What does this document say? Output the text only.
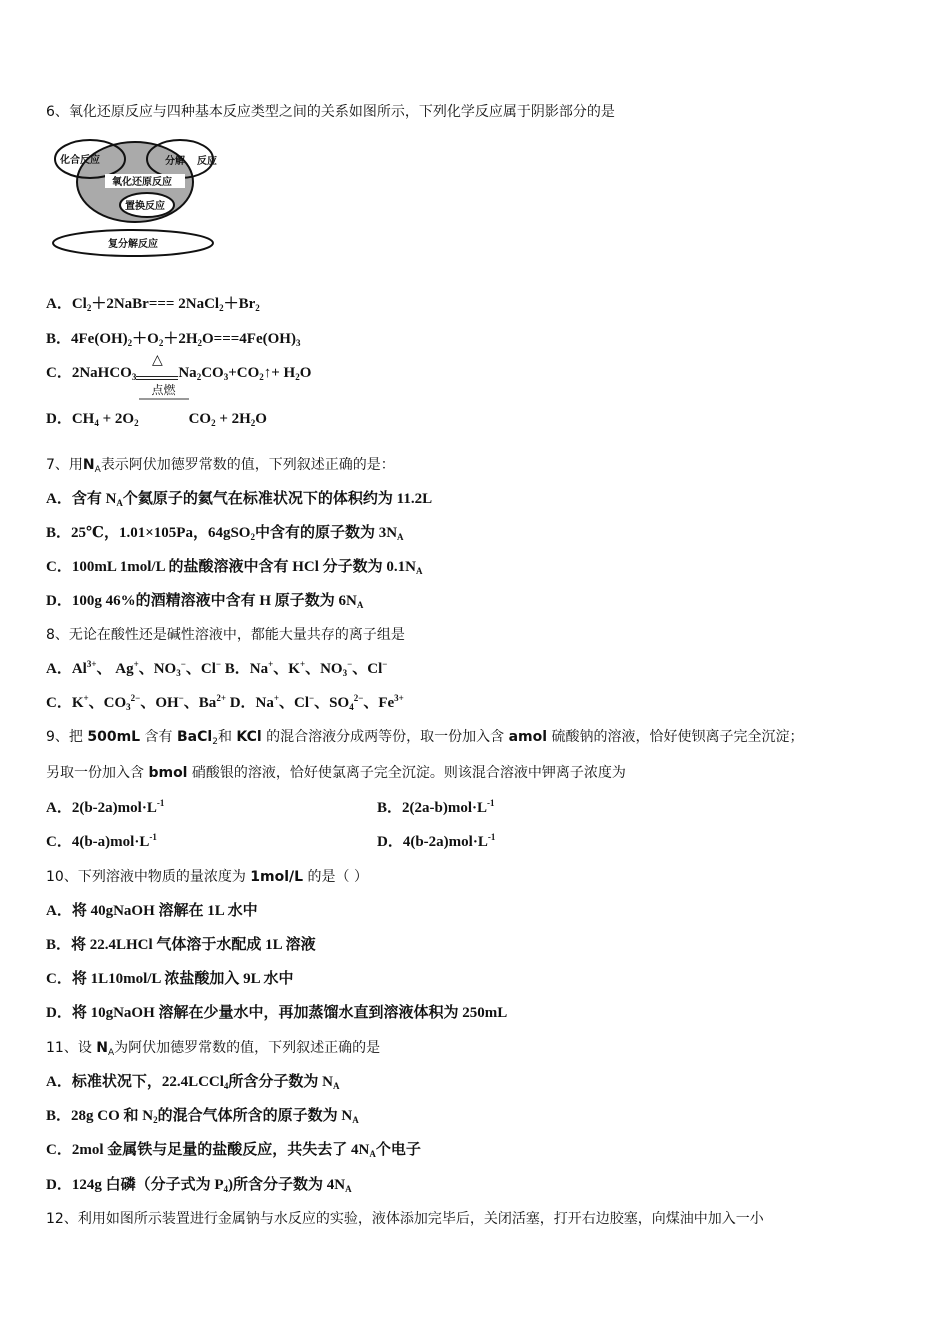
化合反应	分解 反应
氧化还原反应
置换反应
复分解反应
6、氧化还原反应与四种基本反应类型之间的关系如图所示，下列化学反应属于阴影部分的是
A．$Cl_2+2NaBr===$ $2NaCl_2+Br_2$
B．$4Fe(OH)_2+O_2+2H_2O===4Fe(OH)_3$
C．2NaHCO$_3$
△
$Na_2CO_3+CO_2↑+ H_2O$
D．$CH_4 + 2O_2$
点燃
$CO_2 + 2H_2O$
7、用$N_A$表示阿伏加德罗常数的值，下列叙述正确的是：
A．含有 $N_A$个氦原子的氦气在标准状况下的体积约为 11.2L
B．25℃，1.01×105Pa，64gSO$_2$中含有的原子数为 $3N_A$
C．100mL 1mol/L 的盐酸溶液中含有 HCl 分子数为 $0.1N_A$
D．100g 46%的酒精溶液中含有 H 原子数为 $6N_A$
8、无论在酸性还是碱性溶液中，都能大量共存的离子组是
A．$Al^{3+}$、 Ag+、$NO_3^-$、Cl− B．Na+、K+、$NO_3^-$、Cl−
C．K+、$CO_3^{2-}$、OH−、$Ba^{2+}$ D．Na+、Cl−、$SO_4^{2-}$、$Fe^{3+}$
9、把 500mL 含有 BaCl$_2$和 KCl 的混合溶液分成两等份，取一份加入含 amol 硫酸钠的溶液，恰好使钡离子完全沉淀；
另取一份加入含 bmol 硝酸银的溶液，恰好使氯离子完全沉淀。则该混合溶液中钾离子浓度为
A．$2(b-2a)mol\cdot L^{-1}$	B．$2(2a-b)mol\cdot L^{-1}$
C．$4(b-a)mol\cdot L^{-1}$	D．$4(b-2a)mol\cdot L^{-1}$
10、下列溶液中物质的量浓度为 1mol/L 的是（ ）
A．将 40gNaOH 溶解在 1L 水中
B．将 22.4LHCl 气体溶于水配成 1L 溶液
C．将 1L10mol/L 浓盐酸加入 9L 水中
D．将 10gNaOH 溶解在少量水中，再加蒸馏水直到溶液体积为 250mL
11、设 $N_A$为阿伏加德罗常数的值，下列叙述正确的是
A．标准状况下，22.4LCCl$_4$所含分子数为 $N_A$
B．28g CO 和 $N_2$的混合气体所含的原子数为 $N_A$
C．2mol 金属铁与足量的盐酸反应，共失去了 $4N_A$个电子
D．124g 白磷（分子式为 $P_4$)所含分子数为 $4N_A$
12、利用如图所示装置进行金属钠与水反应的实验，液体添加完毕后，关闭活塞，打开右边胶塞，向煤油中加入一小
